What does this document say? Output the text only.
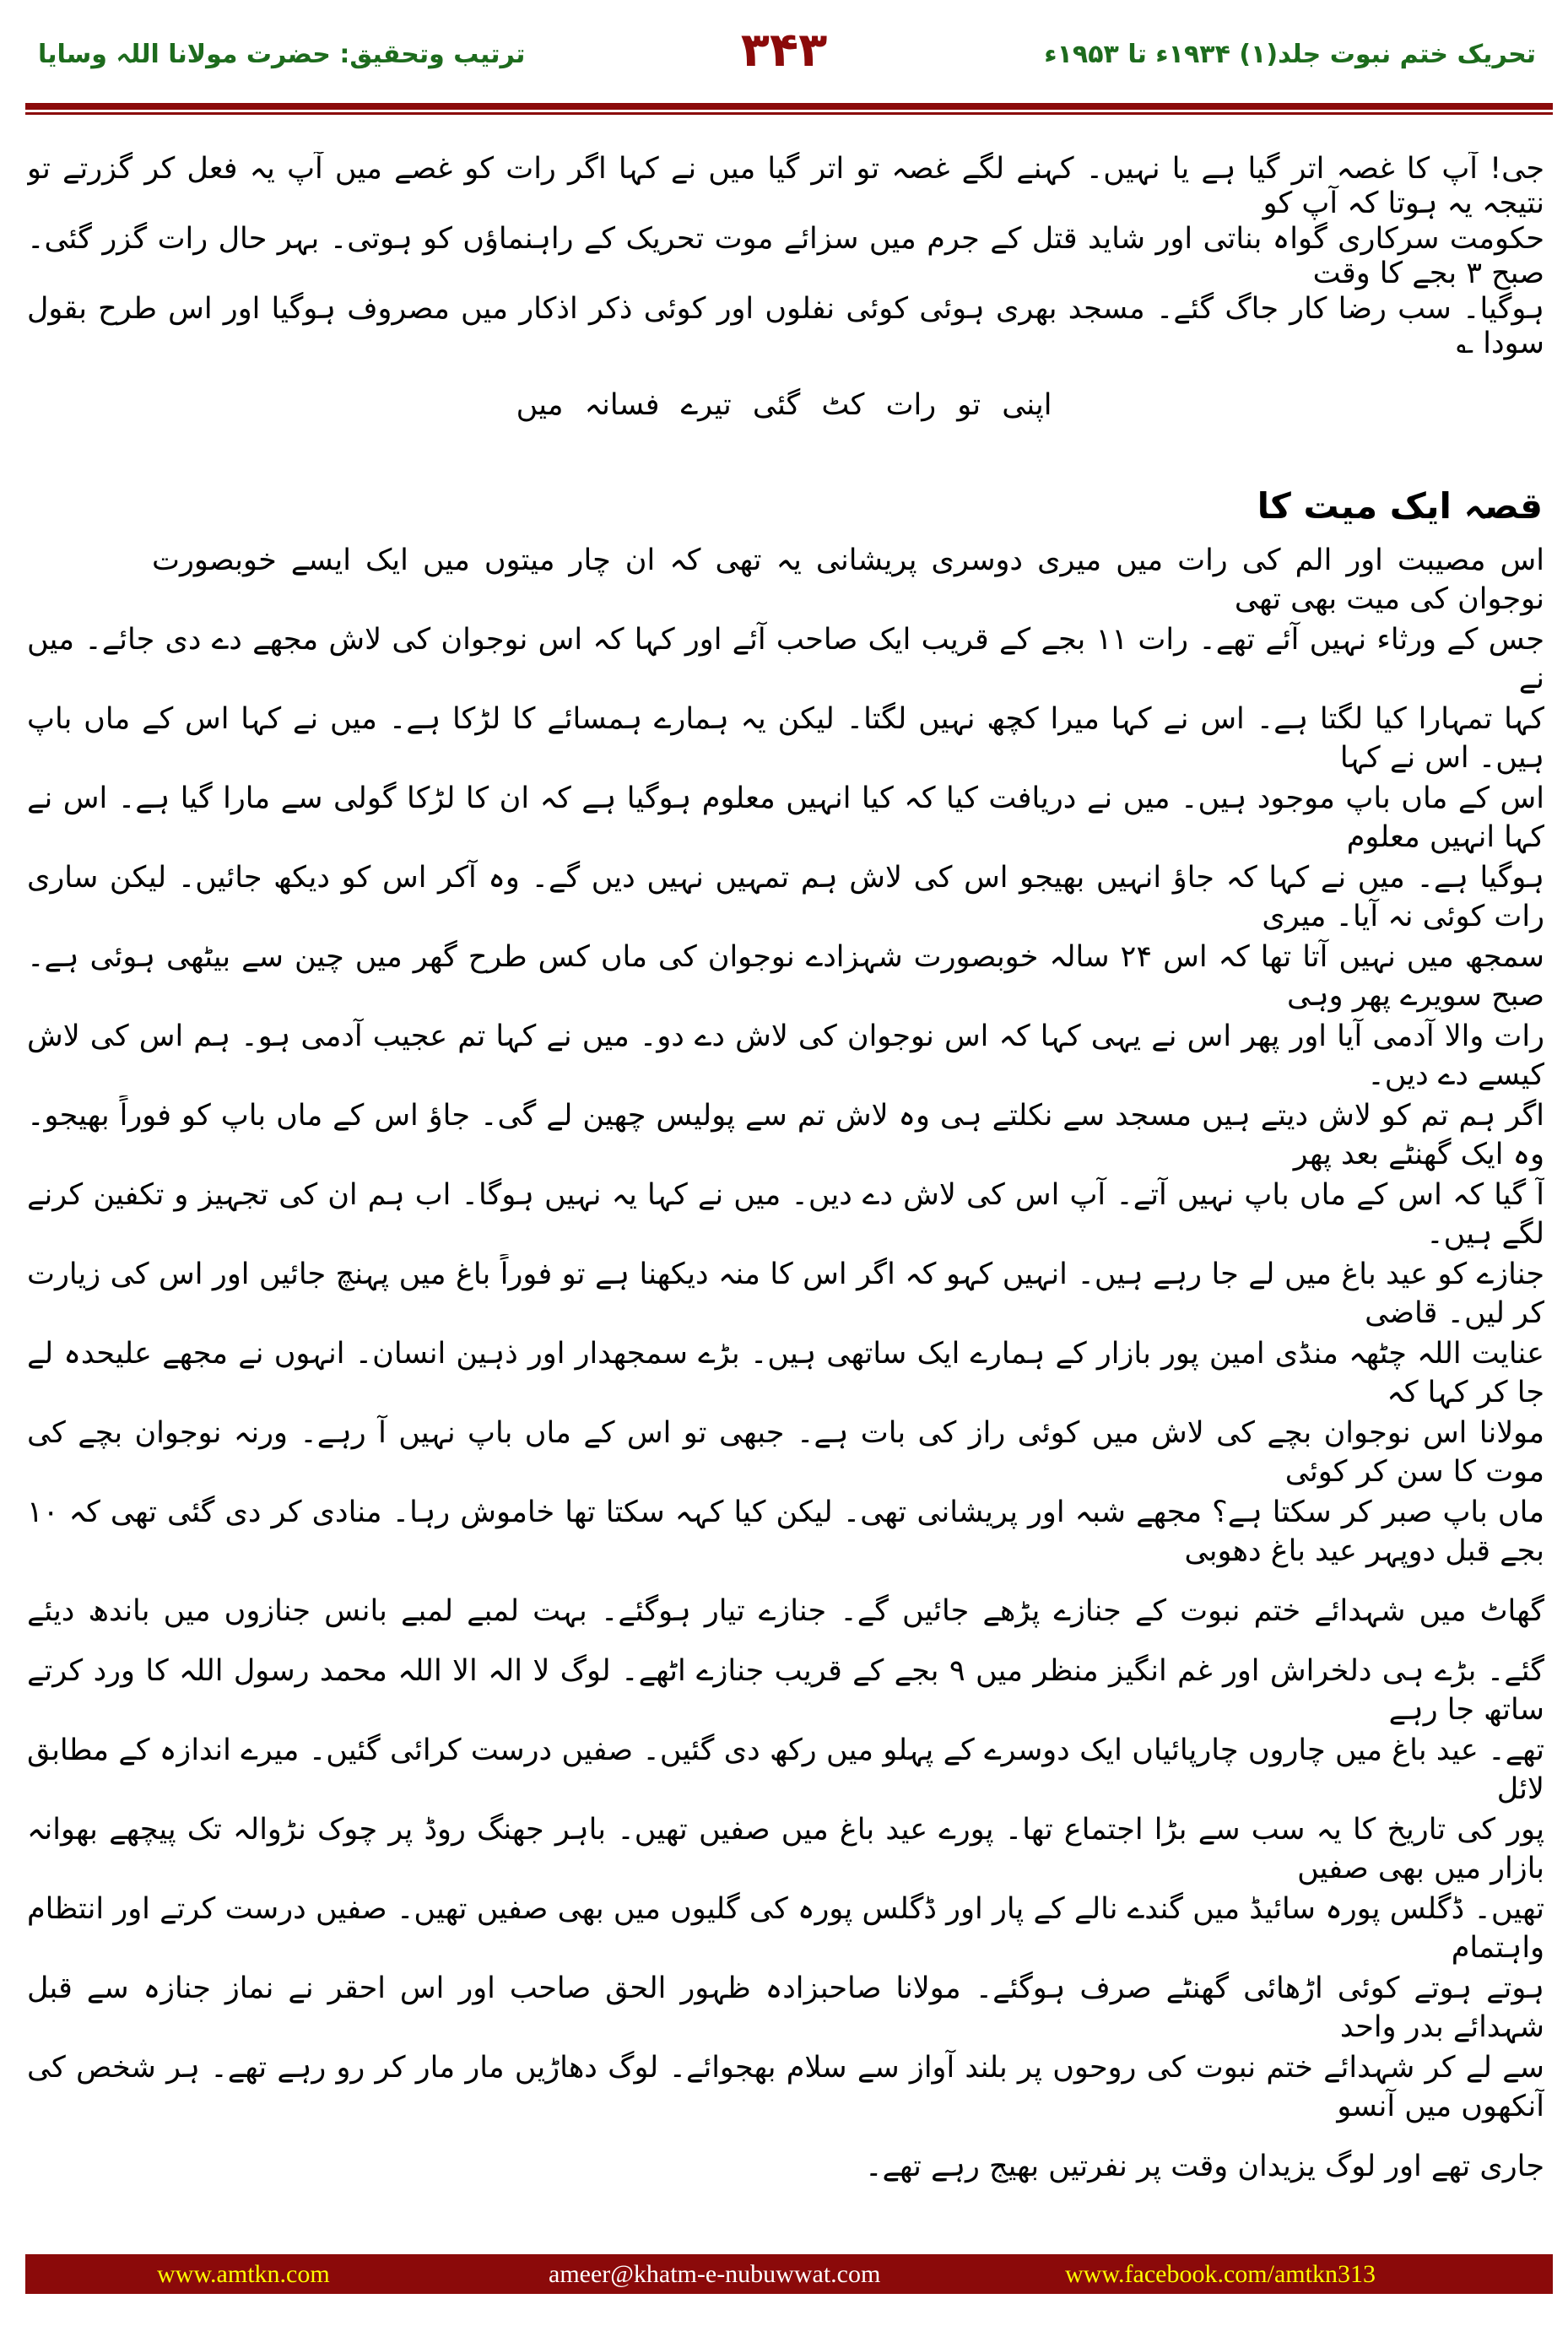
تحریک ختم نبوت جلد(۱) ۱۹۳۴ء تا ۱۹۵۳ء
۳۴۳
ترتیب وتحقیق: حضرت مولانا اللہ وسایا
جی! آپ کا غصہ اتر گیا ہے یا نہیں۔ کہنے لگے غصہ تو اتر گیا میں نے کہا اگر رات کو غصے میں آپ یہ فعل کر گزرتے تو نتیجہ یہ ہوتا کہ آپ کو
حکومت سرکاری گواہ بناتی اور شاید قتل کے جرم میں سزائے موت تحریک کے راہنماؤں کو ہوتی۔ بہر حال رات گزر گئی۔ صبح ۳ بجے کا وقت
ہوگیا۔ سب رضا کار جاگ گئے۔ مسجد بھری ہوئی کوئی نفلوں اور کوئی ذکر اذکار میں مصروف ہوگیا اور اس طرح بقول سودا ؎
اپنی تو رات کٹ گئی تیرے فسانہ میں
قصہ ایک میت کا
اس مصیبت اور الم کی رات میں میری دوسری پریشانی یہ تھی کہ ان چار میتوں میں ایک ایسے خوبصورت نوجوان کی میت بھی تھی
جس کے ورثاء نہیں آئے تھے۔ رات ۱۱ بجے کے قریب ایک صاحب آئے اور کہا کہ اس نوجوان کی لاش مجھے دے دی جائے۔ میں نے
کہا تمہارا کیا لگتا ہے۔ اس نے کہا میرا کچھ نہیں لگتا۔ لیکن یہ ہمارے ہمسائے کا لڑکا ہے۔ میں نے کہا اس کے ماں باپ ہیں۔ اس نے کہا
اس کے ماں باپ موجود ہیں۔ میں نے دریافت کیا کہ کیا انہیں معلوم ہوگیا ہے کہ ان کا لڑکا گولی سے مارا گیا ہے۔ اس نے کہا انہیں معلوم
ہوگیا ہے۔ میں نے کہا کہ جاؤ انہیں بھیجو اس کی لاش ہم تمہیں نہیں دیں گے۔ وہ آکر اس کو دیکھ جائیں۔ لیکن ساری رات کوئی نہ آیا۔ میری
سمجھ میں نہیں آتا تھا کہ اس ۲۴ سالہ خوبصورت شہزادے نوجوان کی ماں کس طرح گھر میں چین سے بیٹھی ہوئی ہے۔ صبح سویرے پھر وہی
رات والا آدمی آیا اور پھر اس نے یہی کہا کہ اس نوجوان کی لاش دے دو۔ میں نے کہا تم عجیب آدمی ہو۔ ہم اس کی لاش کیسے دے دیں۔
اگر ہم تم کو لاش دیتے ہیں مسجد سے نکلتے ہی وہ لاش تم سے پولیس چھین لے گی۔ جاؤ اس کے ماں باپ کو فوراً بھیجو۔ وہ ایک گھنٹے بعد پھر
آ گیا کہ اس کے ماں باپ نہیں آتے۔ آپ اس کی لاش دے دیں۔ میں نے کہا یہ نہیں ہوگا۔ اب ہم ان کی تجہیز و تکفین کرنے لگے ہیں۔
جنازے کو عید باغ میں لے جا رہے ہیں۔ انہیں کہو کہ اگر اس کا منہ دیکھنا ہے تو فوراً باغ میں پہنچ جائیں اور اس کی زیارت کر لیں۔ قاضی
عنایت اللہ چٹھہ منڈی امین پور بازار کے ہمارے ایک ساتھی ہیں۔ بڑے سمجھدار اور ذہین انسان۔ انہوں نے مجھے علیحدہ لے جا کر کہا کہ
مولانا اس نوجوان بچے کی لاش میں کوئی راز کی بات ہے۔ جبھی تو اس کے ماں باپ نہیں آ رہے۔ ورنہ نوجوان بچے کی موت کا سن کر کوئی
ماں باپ صبر کر سکتا ہے؟ مجھے شبہ اور پریشانی تھی۔ لیکن کیا کہہ سکتا تھا خاموش رہا۔ منادی کر دی گئی تھی کہ ۱۰ بجے قبل دوپہر عید باغ دھوبی
گھاٹ میں شہدائے ختم نبوت کے جنازے پڑھے جائیں گے۔ جنازے تیار ہوگئے۔ بہت لمبے لمبے بانس جنازوں میں باندھ دیئے
گئے۔ بڑے ہی دلخراش اور غم انگیز منظر میں ۹ بجے کے قریب جنازے اٹھے۔ لوگ لا الہ الا اللہ محمد رسول اللہ کا ورد کرتے ساتھ جا رہے
تھے۔ عید باغ میں چاروں چارپائیاں ایک دوسرے کے پہلو میں رکھ دی گئیں۔ صفیں درست کرائی گئیں۔ میرے اندازہ کے مطابق لائل
پور کی تاریخ کا یہ سب سے بڑا اجتماع تھا۔ پورے عید باغ میں صفیں تھیں۔ باہر جھنگ روڈ پر چوک نڑوالہ تک پیچھے بھوانہ بازار میں بھی صفیں
تھیں۔ ڈگلس پورہ سائیڈ میں گندے نالے کے پار اور ڈگلس پورہ کی گلیوں میں بھی صفیں تھیں۔ صفیں درست کرتے اور انتظام واہتمام
ہوتے ہوتے کوئی اڑھائی گھنٹے صرف ہوگئے۔ مولانا صاحبزادہ ظہور الحق صاحب اور اس احقر نے نماز جنازہ سے قبل شہدائے بدر واحد
سے لے کر شہدائے ختم نبوت کی روحوں پر بلند آواز سے سلام بھجوائے۔ لوگ دھاڑیں مار مار کر رو رہے تھے۔ ہر شخص کی آنکھوں میں آنسو
جاری تھے اور لوگ یزیدان وقت پر نفرتیں بھیج رہے تھے۔
www.amtkn.com	ameer@khatm-e-nubuwwat.com	www.facebook.com/amtkn313
